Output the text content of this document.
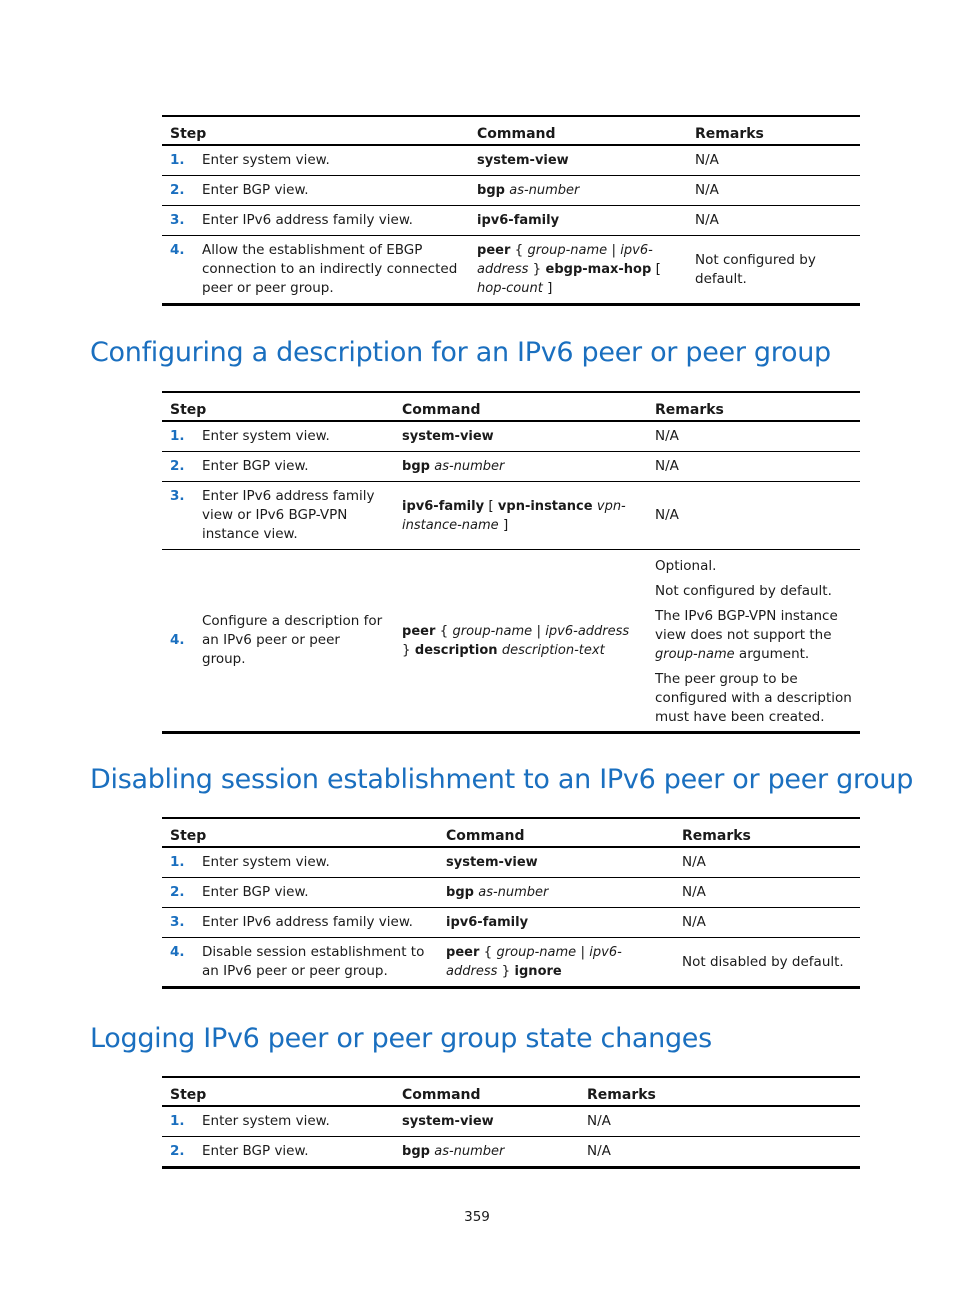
Step		Command	Remarks
1.	Enter system view.	system-view	N/A
2.	Enter BGP view.	bgp as-number	N/A
3.	Enter IPv6 address family view.	ipv6-family	N/A
4.	Allow the establishment of EBGP connection to an indirectly connected peer or peer group.	peer { group-name | ipv6-address } ebgp-max-hop [ hop-count ]	Not configured by default.
Configuring a description for an IPv6 peer or peer group
Step		Command	Remarks
1.	Enter system view.	system-view	N/A
2.	Enter BGP view.	bgp as-number	N/A
3.	Enter IPv6 address family view or IPv6 BGP-VPN instance view.	ipv6-family [ vpn-instance vpn-instance-name ]	N/A
4.	Configure a description for an IPv6 peer or peer group.	peer { group-name | ipv6-address } description description-text	Optional.
Not configured by default.
The IPv6 BGP-VPN instance view does not support the group-name argument.
The peer group to be configured with a description must have been created.
Disabling session establishment to an IPv6 peer or peer group
Step		Command	Remarks
1.	Enter system view.	system-view	N/A
2.	Enter BGP view.	bgp as-number	N/A
3.	Enter IPv6 address family view.	ipv6-family	N/A
4.	Disable session establishment to an IPv6 peer or peer group.	peer { group-name | ipv6-address } ignore	Not disabled by default.
Logging IPv6 peer or peer group state changes
Step		Command	Remarks
1.	Enter system view.	system-view	N/A
2.	Enter BGP view.	bgp as-number	N/A
359
